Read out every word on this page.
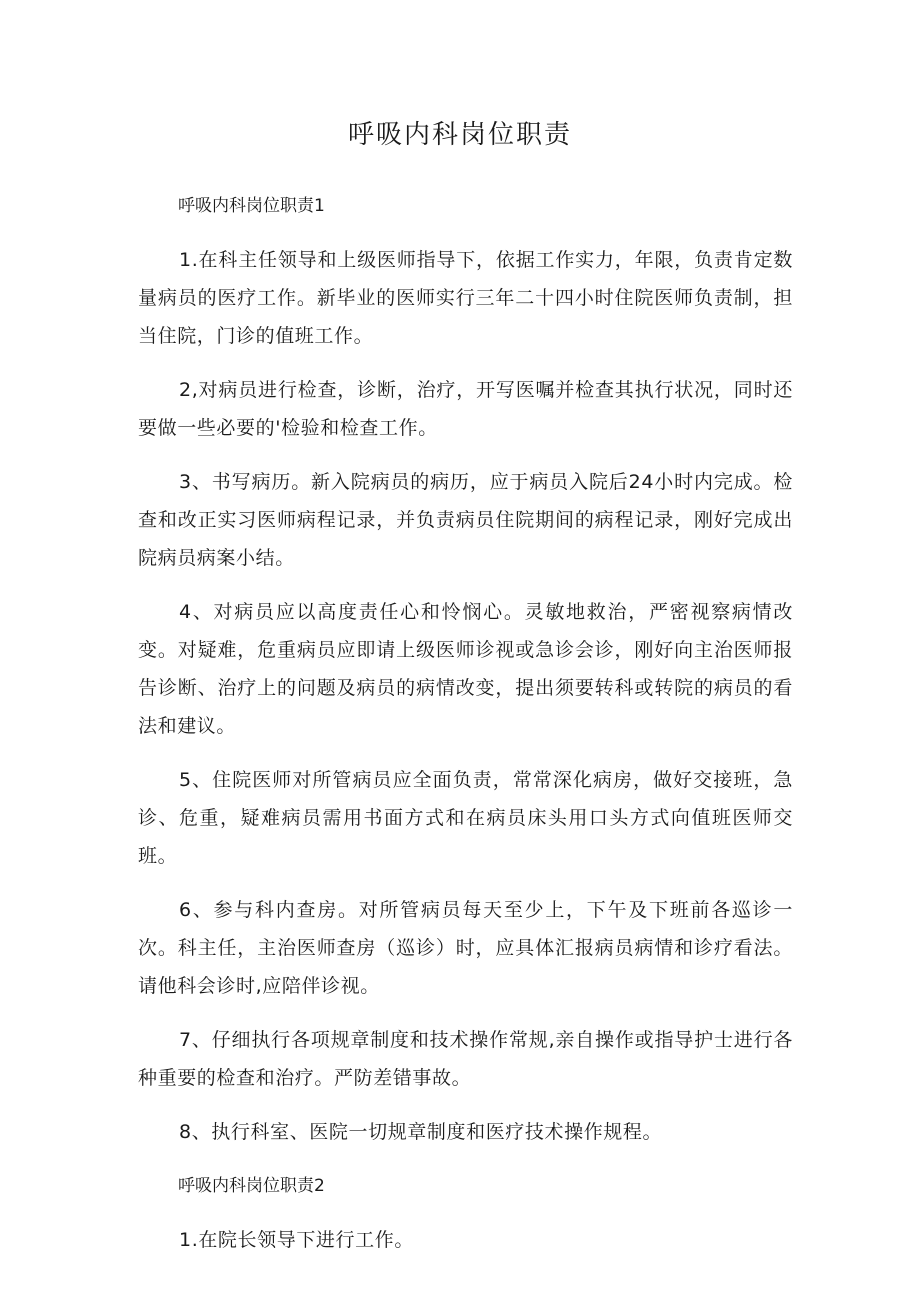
呼吸内科岗位职责

呼吸内科岗位职责1

1.在科主任领导和上级医师指导下，依据工作实力，年限，负责肯定数量病员的医疗工作。新毕业的医师实行三年二十四小时住院医师负责制，担当住院，门诊的值班工作。

2,对病员进行检查，诊断，治疗，开写医嘱并检查其执行状况，同时还要做一些必要的'检验和检查工作。

3、书写病历。新入院病员的病历，应于病员入院后24小时内完成。检查和改正实习医师病程记录，并负责病员住院期间的病程记录，刚好完成出院病员病案小结。

4、对病员应以高度责任心和怜悯心。灵敏地救治，严密视察病情改变。对疑难，危重病员应即请上级医师诊视或急诊会诊，刚好向主治医师报告诊断、治疗上的问题及病员的病情改变，提出须要转科或转院的病员的看法和建议。

5、住院医师对所管病员应全面负责，常常深化病房，做好交接班，急诊、危重，疑难病员需用书面方式和在病员床头用口头方式向值班医师交班。

6、参与科内查房。对所管病员每天至少上，下午及下班前各巡诊一次。科主任，主治医师查房（巡诊）时，应具体汇报病员病情和诊疗看法。请他科会诊时,应陪伴诊视。

7、仔细执行各项规章制度和技术操作常规,亲自操作或指导护士进行各种重要的检查和治疗。严防差错事故。

8、执行科室、医院一切规章制度和医疗技术操作规程。

呼吸内科岗位职责2

1.在院长领导下进行工作。
